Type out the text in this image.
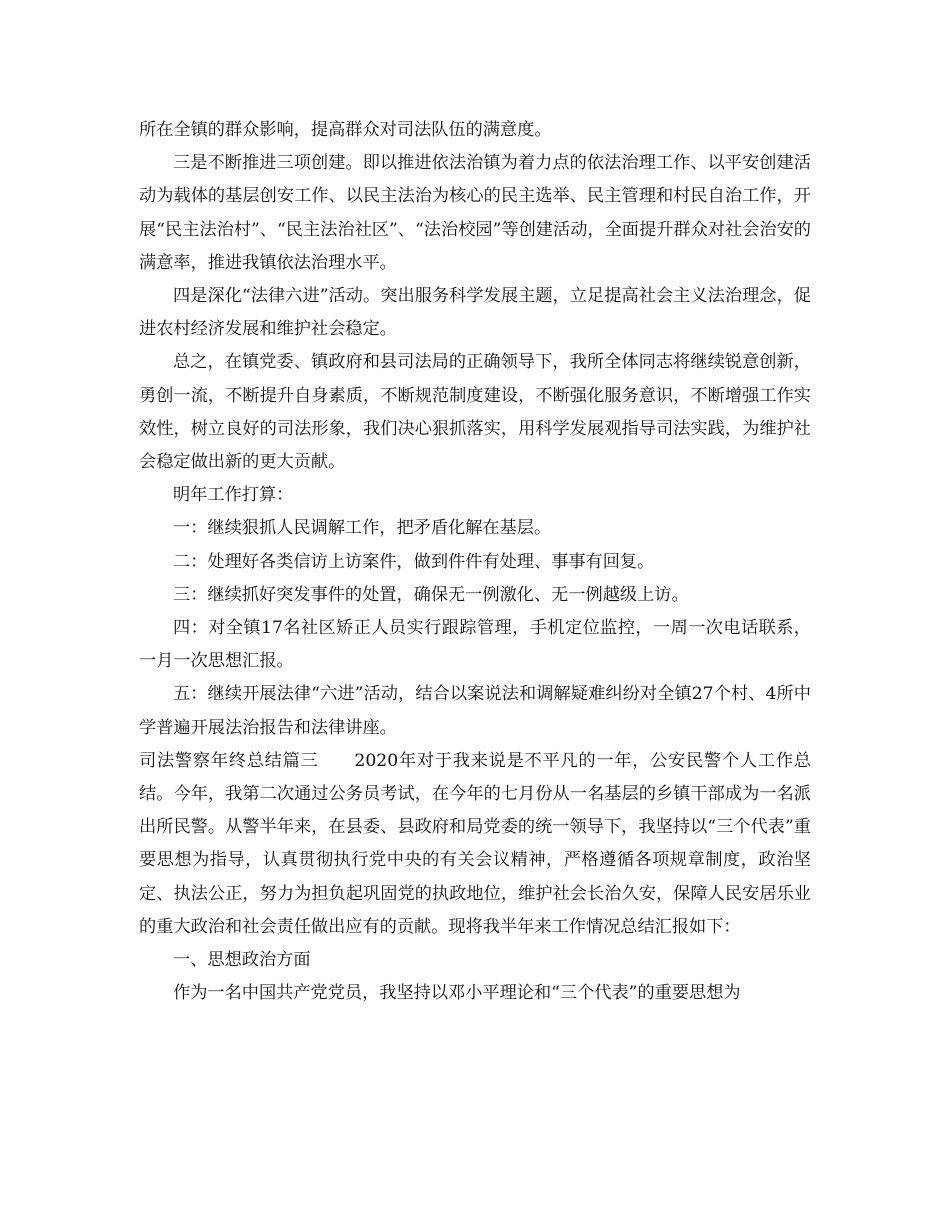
所在全镇的群众影响，提高群众对司法队伍的满意度。

三是不断推进三项创建。即以推进依法治镇为着力点的依法治理工作、以平安创建活动为载体的基层创安工作、以民主法治为核心的民主选举、民主管理和村民自治工作，开展“民主法治村”、“民主法治社区”、“法治校园”等创建活动，全面提升群众对社会治安的满意率，推进我镇依法治理水平。

四是深化“法律六进”活动。突出服务科学发展主题，立足提高社会主义法治理念，促进农村经济发展和维护社会稳定。

总之，在镇党委、镇政府和县司法局的正确领导下，我所全体同志将继续锐意创新，勇创一流，不断提升自身素质，不断规范制度建设，不断强化服务意识，不断增强工作实效性，树立良好的司法形象，我们决心狠抓落实，用科学发展观指导司法实践，为维护社会稳定做出新的更大贡献。

明年工作打算：

一：继续狠抓人民调解工作，把矛盾化解在基层。

二：处理好各类信访上访案件，做到件件有处理、事事有回复。

三：继续抓好突发事件的处置，确保无一例激化、无一例越级上访。

四：对全镇17名社区矫正人员实行跟踪管理，手机定位监控，一周一次电话联系，一月一次思想汇报。

五：继续开展法律“六进”活动，结合以案说法和调解疑难纠纷对全镇27个村、4所中学普遍开展法治报告和法律讲座。

司法警察年终总结篇三　　2020年对于我来说是不平凡的一年，公安民警个人工作总结。今年，我第二次通过公务员考试，在今年的七月份从一名基层的乡镇干部成为一名派出所民警。从警半年来，在县委、县政府和局党委的统一领导下，我坚持以“三个代表”重要思想为指导，认真贯彻执行党中央的有关会议精神，严格遵循各项规章制度，政治坚定、执法公正，努力为担负起巩固党的执政地位，维护社会长治久安，保障人民安居乐业的重大政治和社会责任做出应有的贡献。现将我半年来工作情况总结汇报如下：

一、思想政治方面

作为一名中国共产党党员，我坚持以邓小平理论和“三个代表”的重要思想为
